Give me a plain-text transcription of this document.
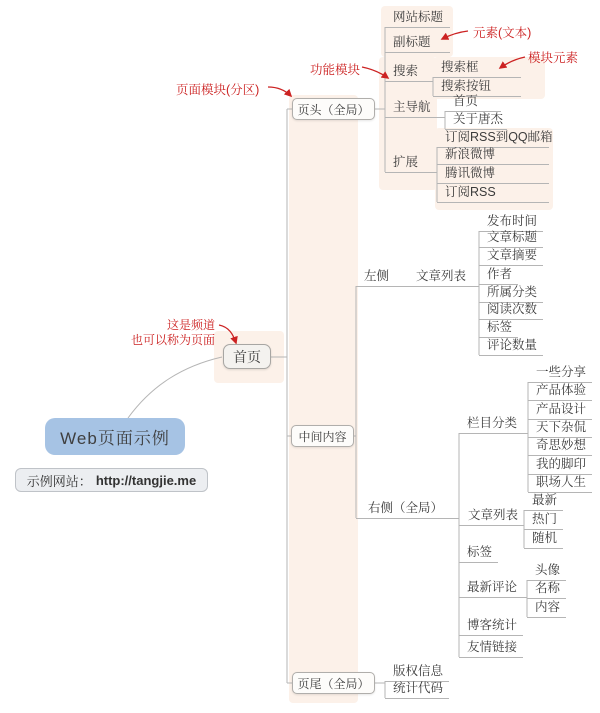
Web页面示例
示例网站： http://tangjie.me
首页
页头（全局）
中间内容
页尾（全局）
网站标题
副标题
搜索	搜索框
搜索按钮
主导航	首页
关于唐杰
扩展
订阅RSS到QQ邮箱
新浪微博
腾讯微博
订阅RSS
左侧	文章列表
发布时间
文章标题
文章摘要
作者
所属分类
阅读次数
标签
评论数量
右侧（全局）
栏目分类
一些分享
产品体验
产品设计
天下杂侃
奇思妙想
我的脚印
职场人生
文章列表
最新
热门
随机
标签
最新评论
头像
名称
内容
博客统计
友情链接
版权信息
统计代码
页面模块(分区)
功能模块
元素(文本)
模块元素
这是频道
也可以称为页面
